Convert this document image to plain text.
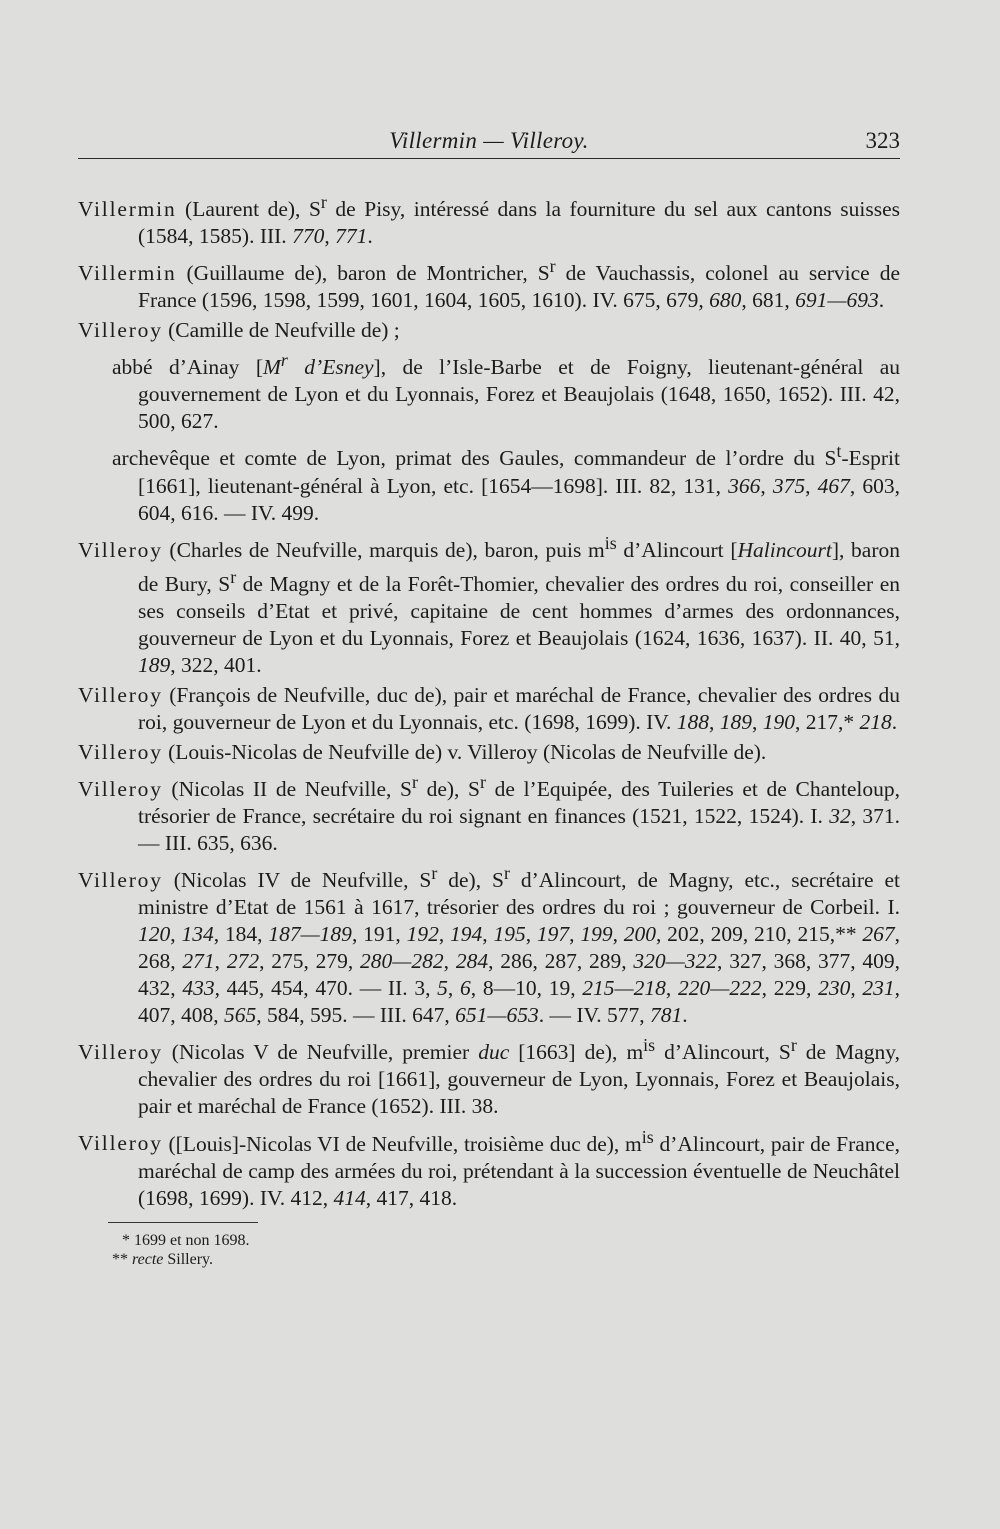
Villermin — Villeroy.	323

Villermin (Laurent de), $S^r$ de Pisy, intéressé dans la fourniture du sel aux cantons suisses (1584, 1585). III. 770, 771.

Villermin (Guillaume de), baron de Montricher, $S^r$ de Vauchassis, colonel au service de France (1596, 1598, 1599, 1601, 1604, 1605, 1610). IV. 675, 679, 680, 681, 691—693.

Villeroy (Camille de Neufville de) ;

abbé d’Ainay [$M^r$ d’Esney], de l’Isle-Barbe et de Foigny, lieutenant-général au gouvernement de Lyon et du Lyonnais, Forez et Beaujolais (1648, 1650, 1652). III. 42, 500, 627.

archevêque et comte de Lyon, primat des Gaules, commandeur de l’ordre du $S^t$-Esprit [1661], lieutenant-général à Lyon, etc. [1654—1698]. III. 82, 131, 366, 375, 467, 603, 604, 616. — IV. 499.

Villeroy (Charles de Neufville, marquis de), baron, puis $m^{is}$ d’Alincourt [Halincourt], baron de Bury, $S^r$ de Magny et de la Forêt-Thomier, chevalier des ordres du roi, conseiller en ses conseils d’Etat et privé, capitaine de cent hommes d’armes des ordonnances, gouverneur de Lyon et du Lyonnais, Forez et Beaujolais (1624, 1636, 1637). II. 40, 51, 189, 322, 401.

Villeroy (François de Neufville, duc de), pair et maréchal de France, chevalier des ordres du roi, gouverneur de Lyon et du Lyonnais, etc. (1698, 1699). IV. 188, 189, 190, 217,* 218.

Villeroy (Louis-Nicolas de Neufville de) v. Villeroy (Nicolas de Neufville de).

Villeroy (Nicolas II de Neufville, $S^r$ de), $S^r$ de l’Equipée, des Tuileries et de Chanteloup, trésorier de France, secrétaire du roi signant en finances (1521, 1522, 1524). I. 32, 371. — III. 635, 636.

Villeroy (Nicolas IV de Neufville, $S^r$ de), $S^r$ d’Alincourt, de Magny, etc., secrétaire et ministre d’Etat de 1561 à 1617, trésorier des ordres du roi ; gouverneur de Corbeil. I. 120, 134, 184, 187—189, 191, 192, 194, 195, 197, 199, 200, 202, 209, 210, 215,** 267, 268, 271, 272, 275, 279, 280—282, 284, 286, 287, 289, 320—322, 327, 368, 377, 409, 432, 433, 445, 454, 470. — II. 3, 5, 6, 8—10, 19, 215—218, 220—222, 229, 230, 231, 407, 408, 565, 584, 595. — III. 647, 651—653. — IV. 577, 781.

Villeroy (Nicolas V de Neufville, premier duc [1663] de), $m^{is}$ d’Alincourt, $S^r$ de Magny, chevalier des ordres du roi [1661], gouverneur de Lyon, Lyonnais, Forez et Beaujolais, pair et maréchal de France (1652). III. 38.

Villeroy ([Louis]-Nicolas VI de Neufville, troisième duc de), $m^{is}$ d’Alincourt, pair de France, maréchal de camp des armées du roi, prétendant à la succession éventuelle de Neuchâtel (1698, 1699). IV. 412, 414, 417, 418.

* 1699 et non 1698.
** recte Sillery.
